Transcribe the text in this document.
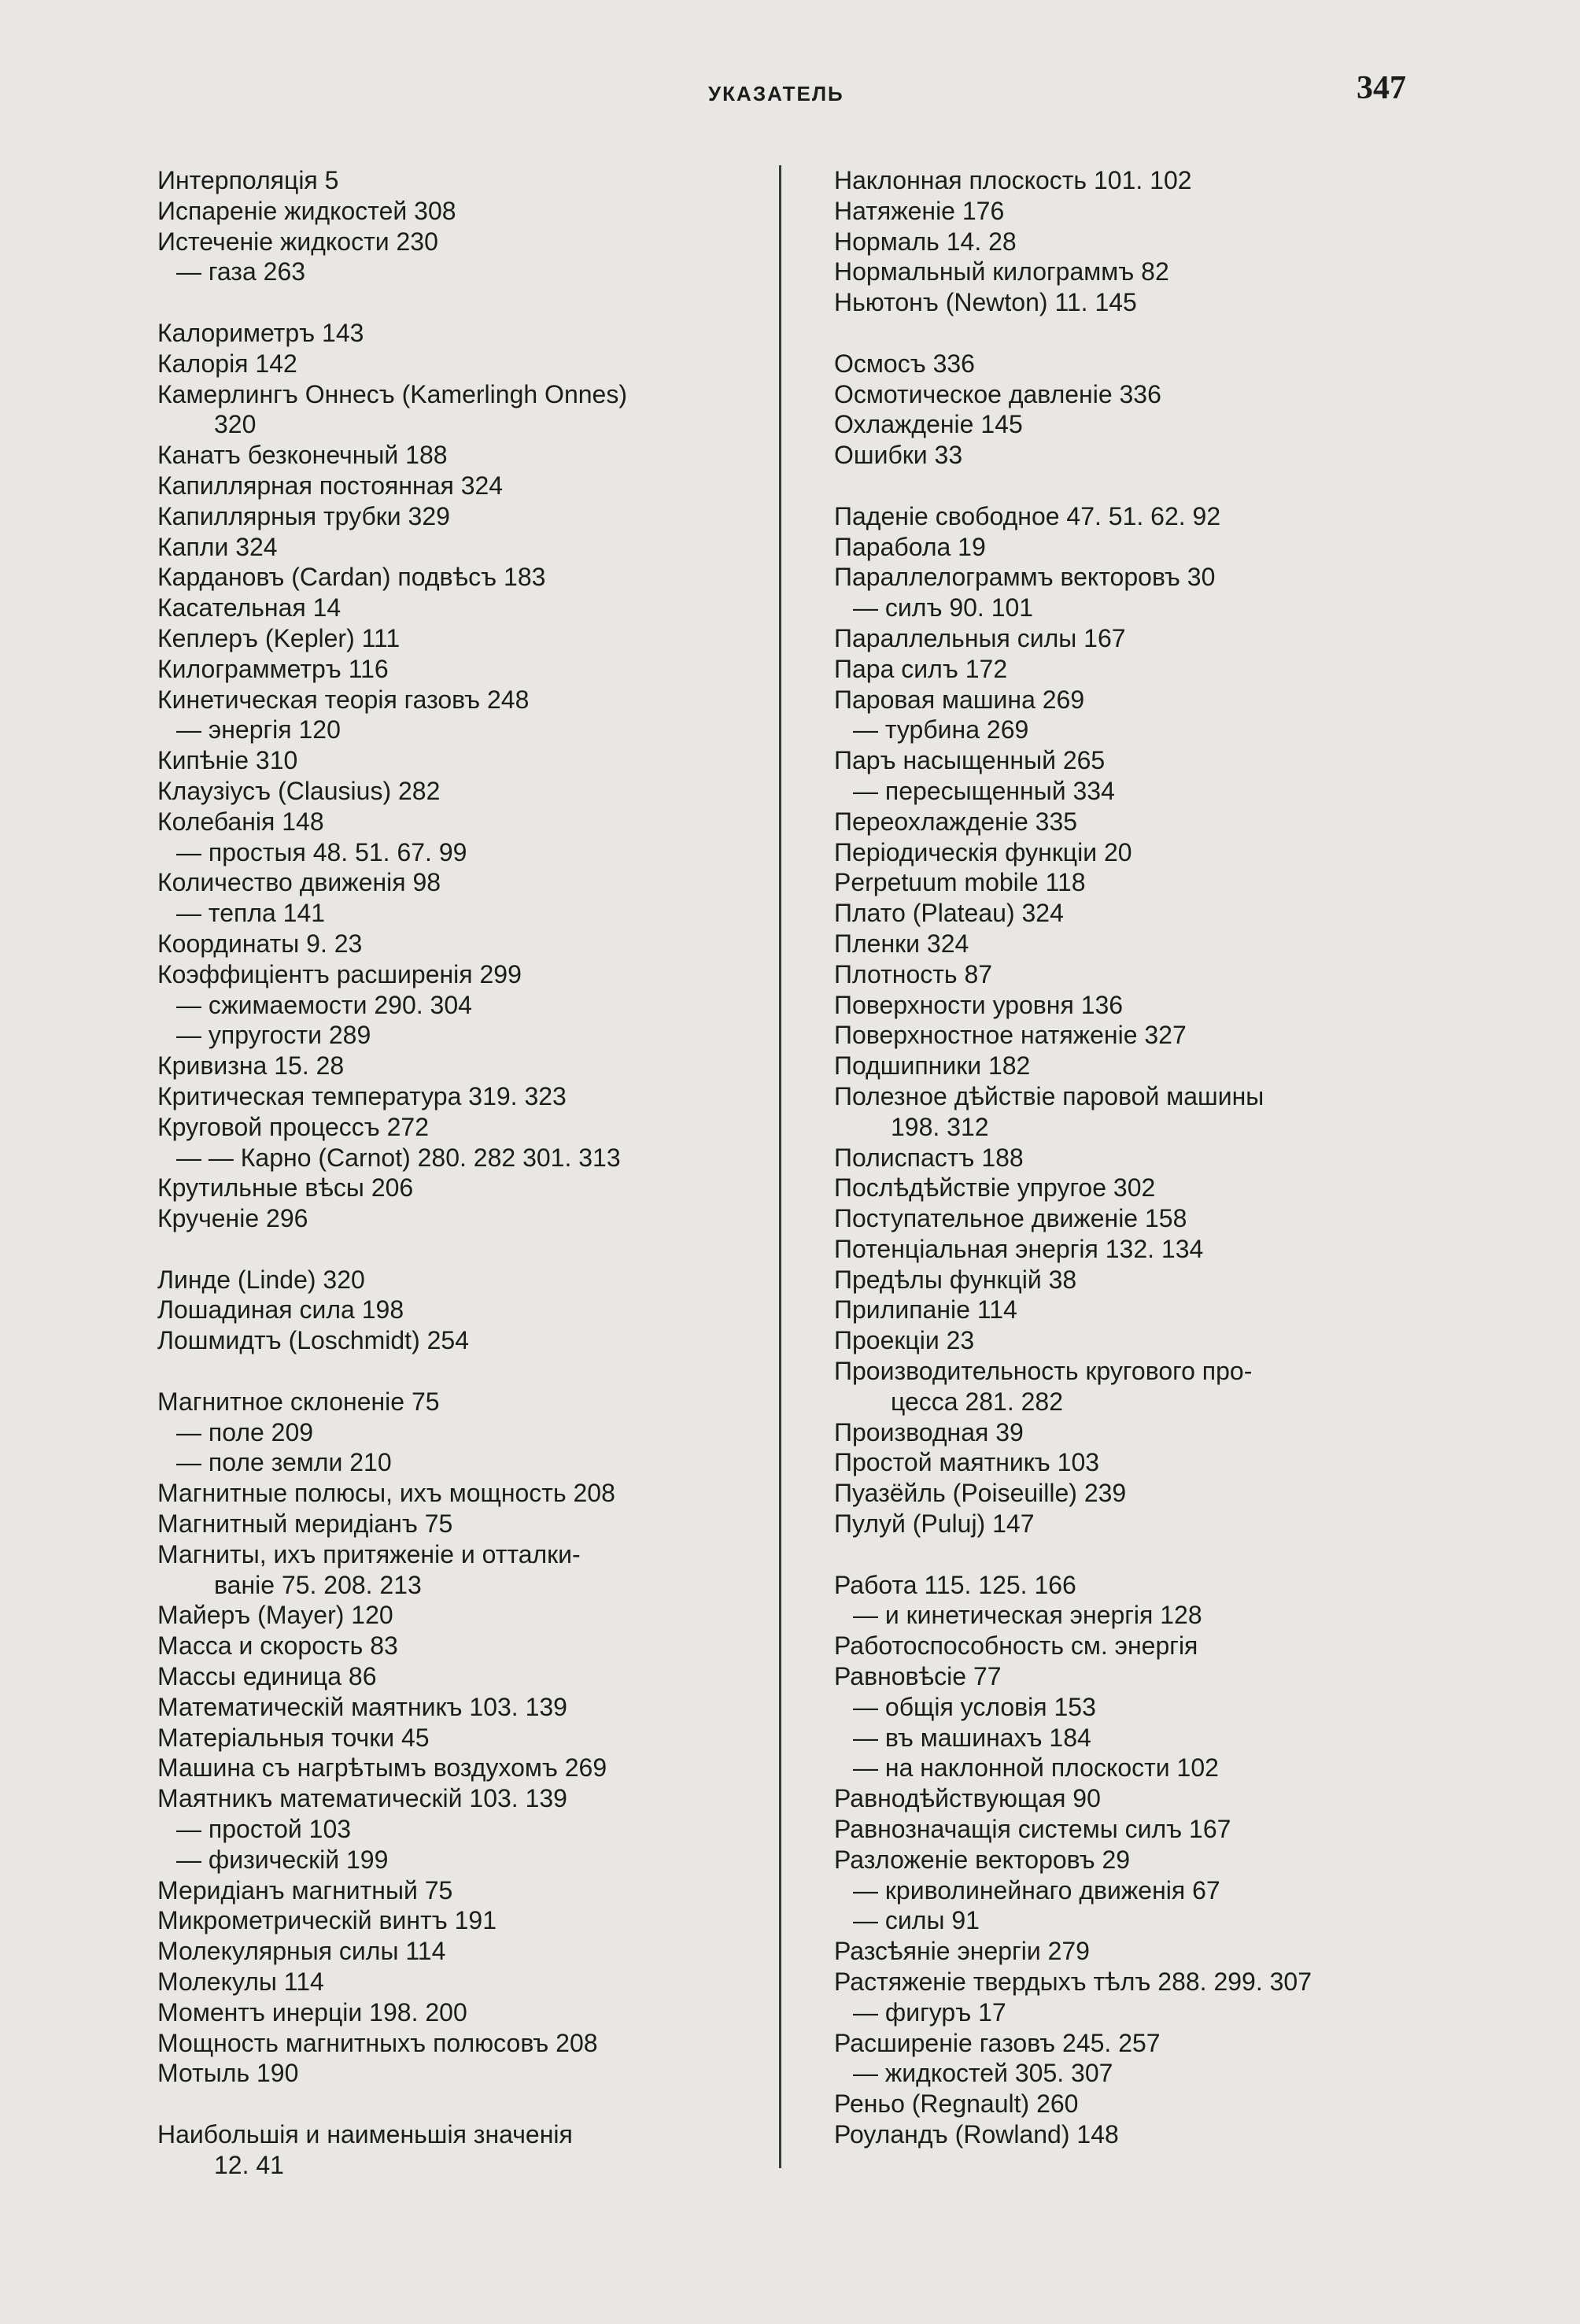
УКАЗАТЕЛЬ	347
Интерполяція 5
Испареніе жидкостей 308
Истеченіе жидкости 230
— газа 263
Калориметръ 143
Калорія 142
Камерлингъ Оннесъ (Kamerlingh Onnes)
320
Канатъ безконечный 188
Капиллярная постоянная 324
Капиллярныя трубки 329
Капли 324
Кардановъ (Cardan) подвѣсъ 183
Касательная 14
Кеплеръ (Kepler) 111
Килограмметръ 116
Кинетическая теорія газовъ 248
— энергія 120
Кипѣніе 310
Клаузіусъ (Clausius) 282
Колебанія 148
— простыя 48. 51. 67. 99
Количество движенія 98
— тепла 141
Координаты 9. 23
Коэффиціентъ расширенія 299
— сжимаемости 290. 304
— упругости 289
Кривизна 15. 28
Критическая температура 319. 323
Круговой процессъ 272
— — Карно (Carnot) 280. 282 301. 313
Крутильные вѣсы 206
Крученіе 296
Линде (Linde) 320
Лошадиная сила 198
Лошмидтъ (Loschmidt) 254
Магнитное склоненіе 75
— поле 209
— поле земли 210
Магнитные полюсы, ихъ мощность 208
Магнитный меридіанъ 75
Магниты, ихъ притяженіе и отталки-
ваніе 75. 208. 213
Майеръ (Mayer) 120
Масса и скорость 83
Массы единица 86
Математическій маятникъ 103. 139
Матеріальныя точки 45
Машина съ нагрѣтымъ воздухомъ 269
Маятникъ математическій 103. 139
— простой 103
— физическій 199
Меридіанъ магнитный 75
Микрометрическій винтъ 191
Молекулярныя силы 114
Молекулы 114
Моментъ инерціи 198. 200
Мощность магнитныхъ полюсовъ 208
Мотыль 190
Наибольшія и наименьшія значенія
12. 41
Наклонная плоскость 101. 102
Натяженіе 176
Нормаль 14. 28
Нормальный килограммъ 82
Ньютонъ (Newton) 11. 145
Осмосъ 336
Осмотическое давленіе 336
Охлажденіе 145
Ошибки 33
Паденіе свободное 47. 51. 62. 92
Парабола 19
Параллелограммъ векторовъ 30
— силъ 90. 101
Параллельныя силы 167
Пара силъ 172
Паровая машина 269
— турбина 269
Паръ насыщенный 265
— пересыщенный 334
Переохлажденіе 335
Періодическія функціи 20
Perpetuum mobile 118
Плато (Plateau) 324
Пленки 324
Плотность 87
Поверхности уровня 136
Поверхностное натяженіе 327
Подшипники 182
Полезное дѣйствіе паровой машины
198. 312
Полиспастъ 188
Послѣдѣйствіе упругое 302
Поступательное движеніе 158
Потенціальная энергія 132. 134
Предѣлы функцій 38
Прилипаніе 114
Проекціи 23
Производительность кругового про-
цесса 281. 282
Производная 39
Простой маятникъ 103
Пуазёйль (Poiseuille) 239
Пулуй (Puluj) 147
Работа 115. 125. 166
— и кинетическая энергія 128
Работоспособность см. энергія
Равновѣсіе 77
— общія условія 153
— въ машинахъ 184
— на наклонной плоскости 102
Равнодѣйствующая 90
Равнозначащія системы силъ 167
Разложеніе векторовъ 29
— криволинейнаго движенія 67
— силы 91
Разсѣяніе энергіи 279
Растяженіе твердыхъ тѣлъ 288. 299. 307
— фигуръ 17
Расширеніе газовъ 245. 257
— жидкостей 305. 307
Реньо (Regnault) 260
Роуландъ (Rowland) 148
